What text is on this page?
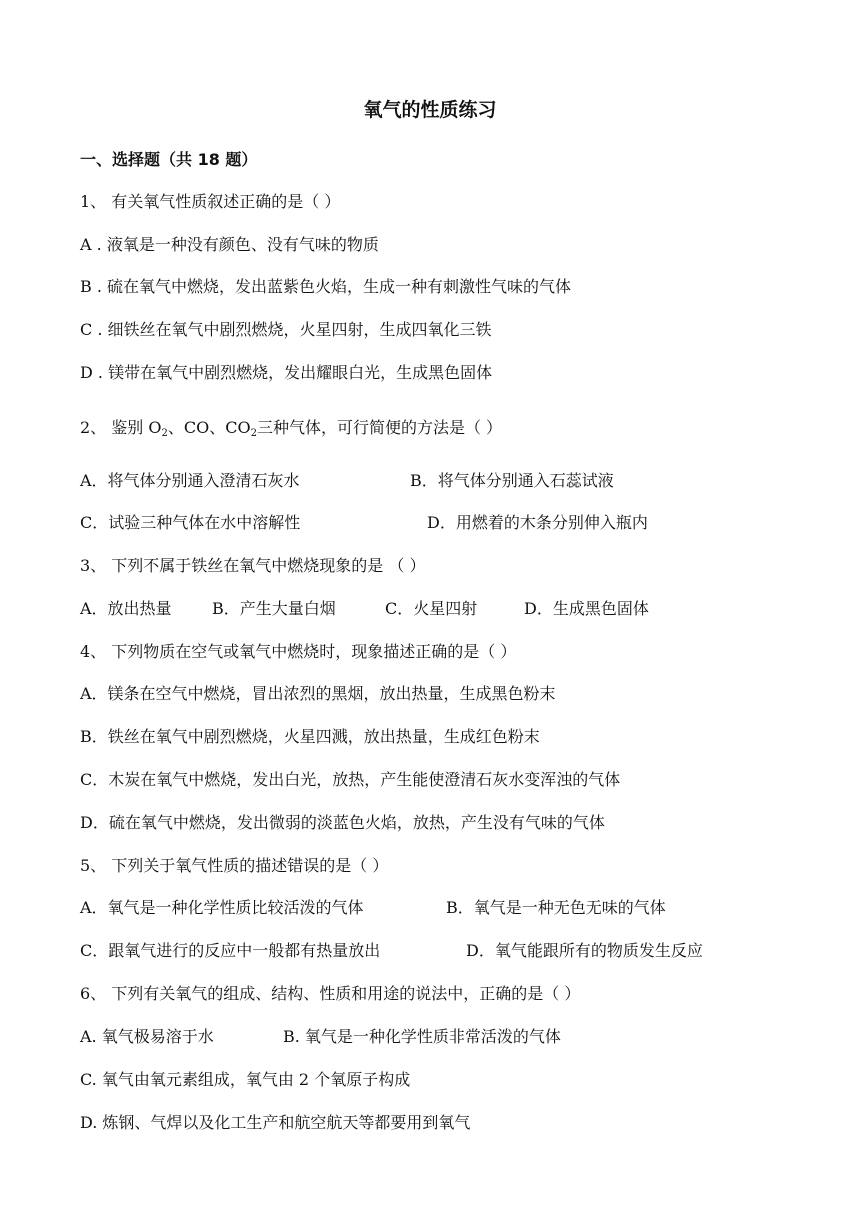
氧气的性质练习
一、选择题（共 18 题）
1、 有关氧气性质叙述正确的是（ ）
A . 液氧是一种没有颜色、没有气味的物质
B . 硫在氧气中燃烧，发出蓝紫色火焰，生成一种有刺激性气味的气体
C . 细铁丝在氧气中剧烈燃烧，火星四射，生成四氧化三铁
D . 镁带在氧气中剧烈燃烧，发出耀眼白光，生成黑色固体
2、 鉴别 $O_2$、CO、$CO_2$三种气体，可行简便的方法是（ ）
A．将气体分别通入澄清石灰水	B．将气体分别通入石蕊试液
C．试验三种气体在水中溶解性	D．用燃着的木条分别伸入瓶内
3、 下列不属于铁丝在氧气中燃烧现象的是 （ ）
A．放出热量	B．产生大量白烟	C．火星四射	D．生成黑色固体
4、 下列物质在空气或氧气中燃烧时，现象描述正确的是（ ）
A．镁条在空气中燃烧，冒出浓烈的黑烟，放出热量，生成黑色粉末
B．铁丝在氧气中剧烈燃烧，火星四溅，放出热量，生成红色粉末
C．木炭在氧气中燃烧，发出白光，放热，产生能使澄清石灰水变浑浊的气体
D．硫在氧气中燃烧，发出微弱的淡蓝色火焰，放热，产生没有气味的气体
5、 下列关于氧气性质的描述错误的是（ ）
A．氧气是一种化学性质比较活泼的气体	B．氧气是一种无色无味的气体
C．跟氧气进行的反应中一般都有热量放出	D．氧气能跟所有的物质发生反应
6、 下列有关氧气的组成、结构、性质和用途的说法中，正确的是（ ）
A. 氧气极易溶于水	B. 氧气是一种化学性质非常活泼的气体
C. 氧气由氧元素组成，氧气由 2 个氧原子构成
D. 炼钢、气焊以及化工生产和航空航天等都要用到氧气
